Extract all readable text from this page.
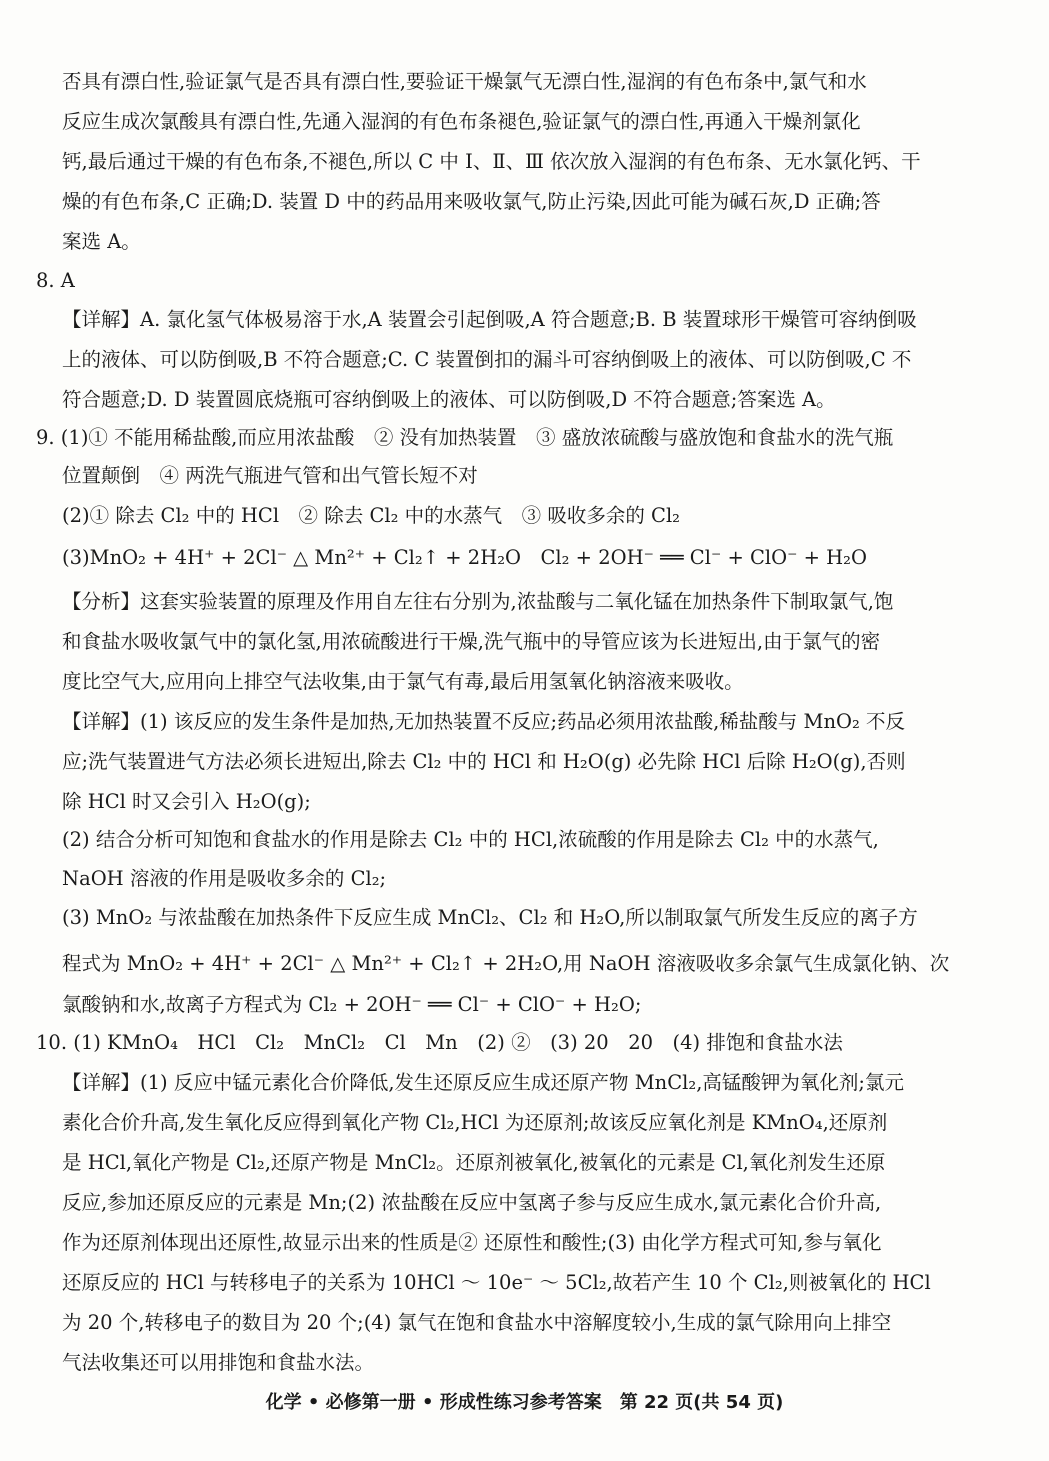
否具有漂白性,验证氯气是否具有漂白性,要验证干燥氯气无漂白性,湿润的有色布条中,氯气和水
反应生成次氯酸具有漂白性,先通入湿润的有色布条褪色,验证氯气的漂白性,再通入干燥剂氯化
钙,最后通过干燥的有色布条,不褪色,所以 C 中 Ⅰ、Ⅱ、Ⅲ 依次放入湿润的有色布条、无水氯化钙、干
燥的有色布条,C 正确;D. 装置 D 中的药品用来吸收氯气,防止污染,因此可能为碱石灰,D 正确;答
案选 A。
8. A
【详解】A. 氯化氢气体极易溶于水,A 装置会引起倒吸,A 符合题意;B. B 装置球形干燥管可容纳倒吸
上的液体、可以防倒吸,B 不符合题意;C. C 装置倒扣的漏斗可容纳倒吸上的液体、可以防倒吸,C 不
符合题意;D. D 装置圆底烧瓶可容纳倒吸上的液体、可以防倒吸,D 不符合题意;答案选 A。
9. (1)① 不能用稀盐酸,而应用浓盐酸　② 没有加热装置　③ 盛放浓硫酸与盛放饱和食盐水的洗气瓶
位置颠倒　④ 两洗气瓶进气管和出气管长短不对
(2)① 除去 Cl₂ 中的 HCl　② 除去 Cl₂ 中的水蒸气　③ 吸收多余的 Cl₂
(3)MnO₂ + 4H⁺ + 2Cl⁻ △ Mn²⁺ + Cl₂↑ + 2H₂O　Cl₂ + 2OH⁻ ══ Cl⁻ + ClO⁻ + H₂O
【分析】这套实验装置的原理及作用自左往右分别为,浓盐酸与二氧化锰在加热条件下制取氯气,饱
和食盐水吸收氯气中的氯化氢,用浓硫酸进行干燥,洗气瓶中的导管应该为长进短出,由于氯气的密
度比空气大,应用向上排空气法收集,由于氯气有毒,最后用氢氧化钠溶液来吸收。
【详解】(1) 该反应的发生条件是加热,无加热装置不反应;药品必须用浓盐酸,稀盐酸与 MnO₂ 不反
应;洗气装置进气方法必须长进短出,除去 Cl₂ 中的 HCl 和 H₂O(g) 必先除 HCl 后除 H₂O(g),否则
除 HCl 时又会引入 H₂O(g);
(2) 结合分析可知饱和食盐水的作用是除去 Cl₂ 中的 HCl,浓硫酸的作用是除去 Cl₂ 中的水蒸气,
NaOH 溶液的作用是吸收多余的 Cl₂;
(3) MnO₂ 与浓盐酸在加热条件下反应生成 MnCl₂、Cl₂ 和 H₂O,所以制取氯气所发生反应的离子方
程式为 MnO₂ + 4H⁺ + 2Cl⁻ △ Mn²⁺ + Cl₂↑ + 2H₂O,用 NaOH 溶液吸收多余氯气生成氯化钠、次
氯酸钠和水,故离子方程式为 Cl₂ + 2OH⁻ ══ Cl⁻ + ClO⁻ + H₂O;
10. (1) KMnO₄　HCl　Cl₂　MnCl₂　Cl　Mn　(2) ②　(3) 20　20　(4) 排饱和食盐水法
【详解】(1) 反应中锰元素化合价降低,发生还原反应生成还原产物 MnCl₂,高锰酸钾为氧化剂;氯元
素化合价升高,发生氧化反应得到氧化产物 Cl₂,HCl 为还原剂;故该反应氧化剂是 KMnO₄,还原剂
是 HCl,氧化产物是 Cl₂,还原产物是 MnCl₂。还原剂被氧化,被氧化的元素是 Cl,氧化剂发生还原
反应,参加还原反应的元素是 Mn;(2) 浓盐酸在反应中氢离子参与反应生成水,氯元素化合价升高,
作为还原剂体现出还原性,故显示出来的性质是② 还原性和酸性;(3) 由化学方程式可知,参与氧化
还原反应的 HCl 与转移电子的关系为 10HCl ～ 10e⁻ ～ 5Cl₂,故若产生 10 个 Cl₂,则被氧化的 HCl
为 20 个,转移电子的数目为 20 个;(4) 氯气在饱和食盐水中溶解度较小,生成的氯气除用向上排空
气法收集还可以用排饱和食盐水法。
化学 • 必修第一册 • 形成性练习参考答案　第 22 页(共 54 页)
